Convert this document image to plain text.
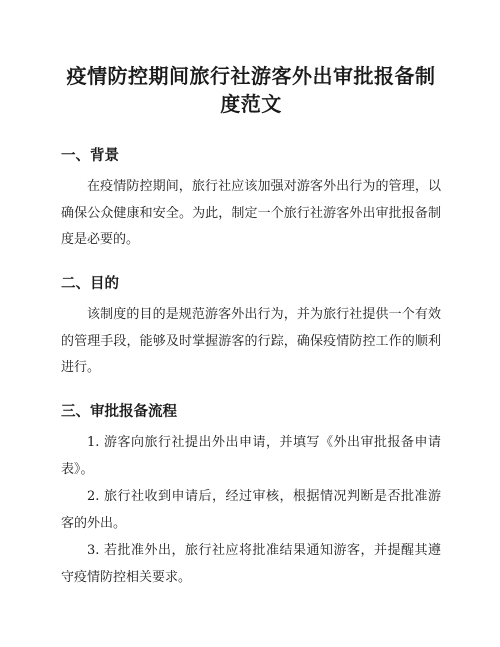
疫情防控期间旅行社游客外出审批报备制度范文
一、背景

在疫情防控期间，旅行社应该加强对游客外出行为的管理，以确保公众健康和安全。为此，制定一个旅行社游客外出审批报备制度是必要的。

二、目的

该制度的目的是规范游客外出行为，并为旅行社提供一个有效的管理手段，能够及时掌握游客的行踪，确保疫情防控工作的顺利进行。

三、审批报备流程

1. 游客向旅行社提出外出申请，并填写《外出审批报备申请表》。

2. 旅行社收到申请后，经过审核，根据情况判断是否批准游客的外出。

3. 若批准外出，旅行社应将批准结果通知游客，并提醒其遵守疫情防控相关要求。
